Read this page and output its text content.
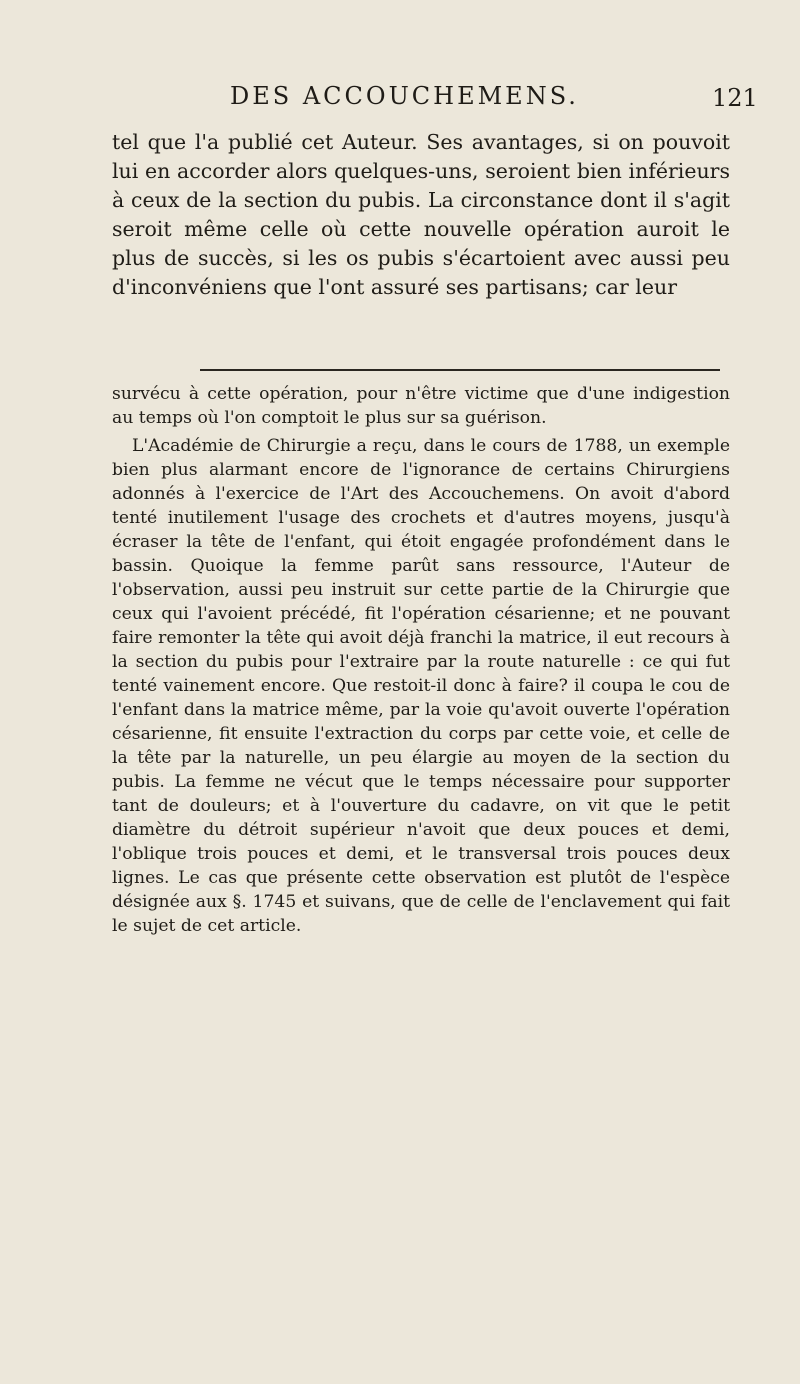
DES ACCOUCHEMENS.	121

tel que l'a publié cet Auteur. Ses avantages, si on pouvoit lui en accorder alors quelques-uns, seroient bien inférieurs à ceux de la section du pubis. La circonstance dont il s'agit seroit même celle où cette nouvelle opération auroit le plus de succès, si les os pubis s'écartoient avec aussi peu d'inconvéniens que l'ont assuré ses partisans; car leur

survécu à cette opération, pour n'être victime que d'une indigestion au temps où l'on comptoit le plus sur sa guérison.

L'Académie de Chirurgie a reçu, dans le cours de 1788, un exemple bien plus alarmant encore de l'ignorance de certains Chirurgiens adonnés à l'exercice de l'Art des Accouchemens. On avoit d'abord tenté inutilement l'usage des crochets et d'autres moyens, jusqu'à écraser la tête de l'enfant, qui étoit engagée profondément dans le bassin. Quoique la femme parût sans ressource, l'Auteur de l'observation, aussi peu instruit sur cette partie de la Chirurgie que ceux qui l'avoient précédé, fit l'opération césarienne; et ne pouvant faire remonter la tête qui avoit déjà franchi la matrice, il eut recours à la section du pubis pour l'extraire par la route naturelle : ce qui fut tenté vainement encore. Que restoit-il donc à faire? il coupa le cou de l'enfant dans la matrice même, par la voie qu'avoit ouverte l'opération césarienne, fit ensuite l'extraction du corps par cette voie, et celle de la tête par la naturelle, un peu élargie au moyen de la section du pubis. La femme ne vécut que le temps nécessaire pour supporter tant de douleurs; et à l'ouverture du cadavre, on vit que le petit diamètre du détroit supérieur n'avoit que deux pouces et demi, l'oblique trois pouces et demi, et le transversal trois pouces deux lignes. Le cas que présente cette observation est plutôt de l'espèce désignée aux §. 1745 et suivans, que de celle de l'enclavement qui fait le sujet de cet article.
